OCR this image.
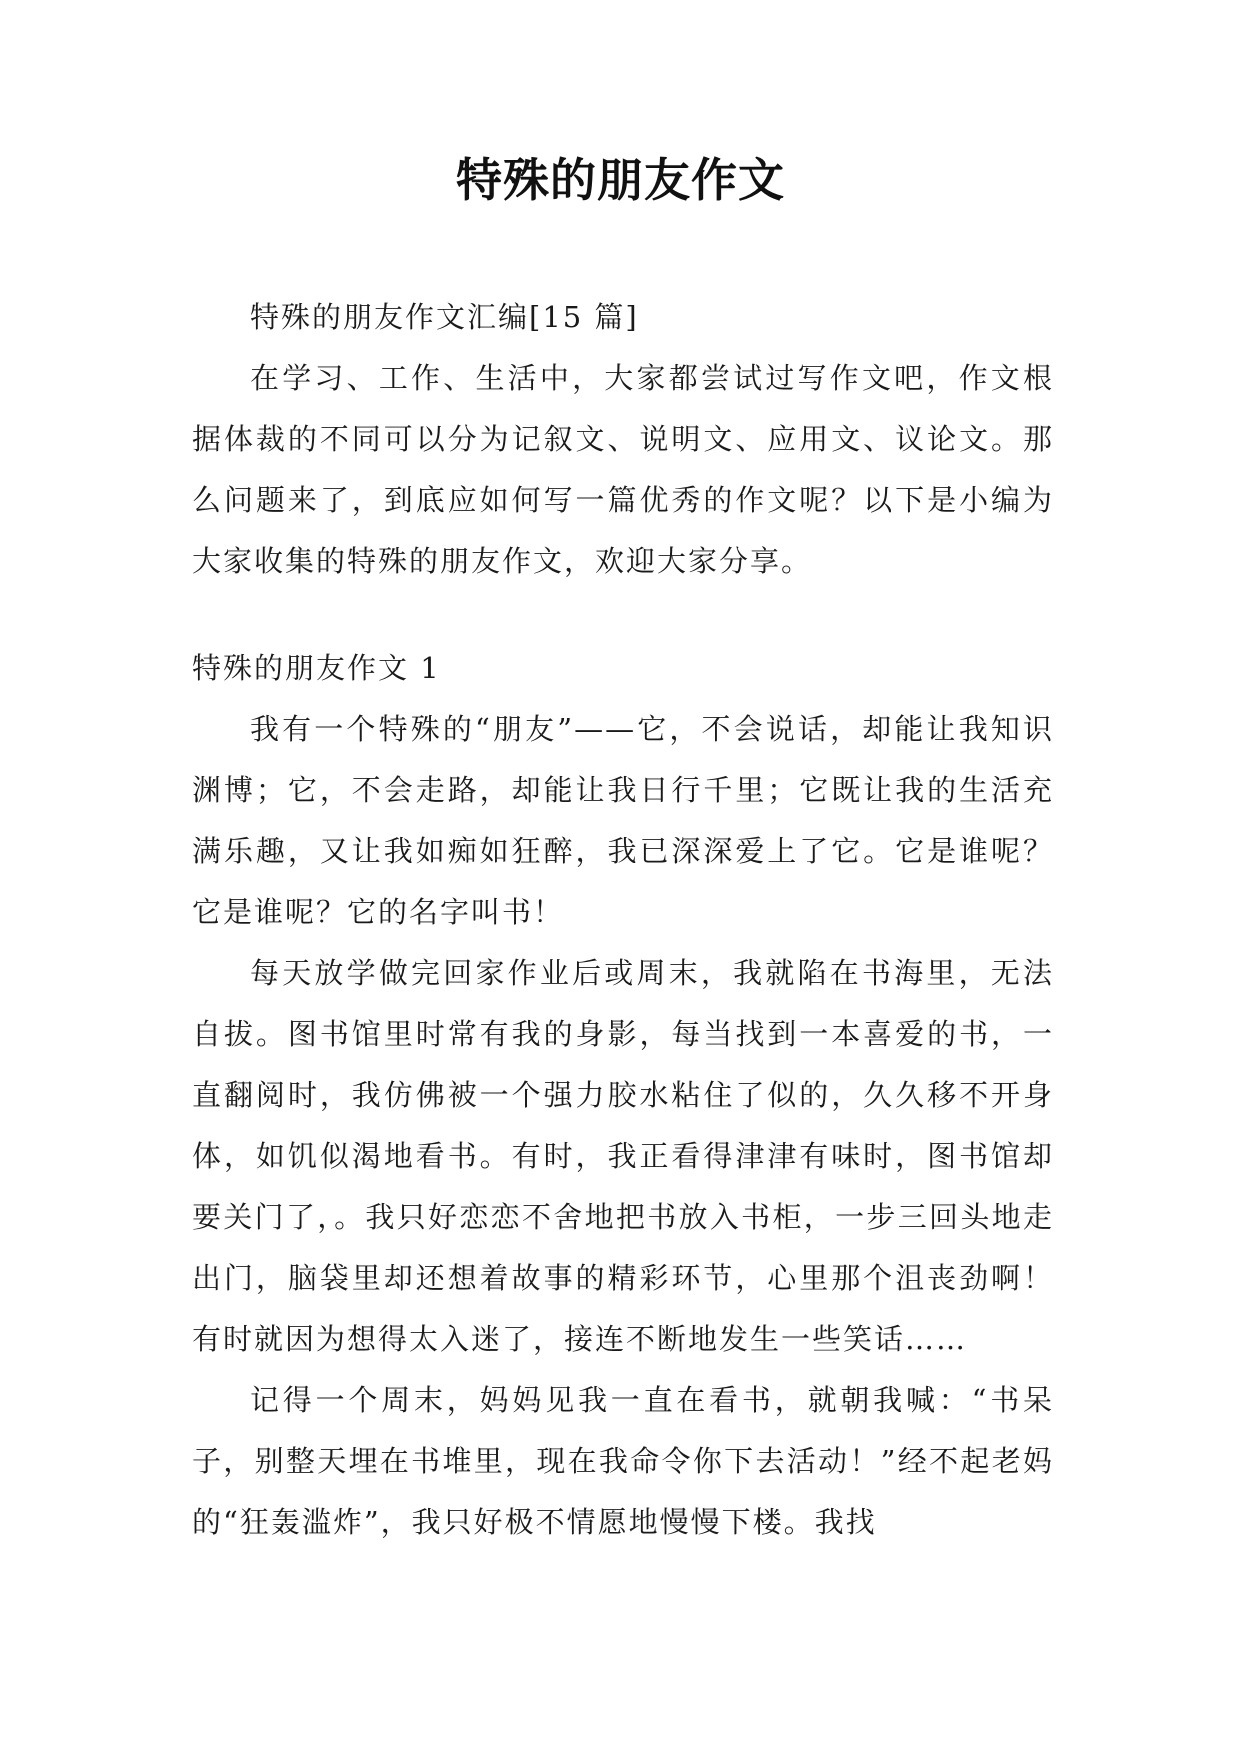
特殊的朋友作文

特殊的朋友作文汇编[15 篇]

在学习、工作、生活中，大家都尝试过写作文吧，作文根据体裁的不同可以分为记叙文、说明文、应用文、议论文。那么问题来了，到底应如何写一篇优秀的作文呢？以下是小编为大家收集的特殊的朋友作文，欢迎大家分享。

特殊的朋友作文 1

我有一个特殊的“朋友”——它，不会说话，却能让我知识渊博；它，不会走路，却能让我日行千里；它既让我的生活充满乐趣，又让我如痴如狂醉，我已深深爱上了它。它是谁呢？它是谁呢？它的名字叫书！

每天放学做完回家作业后或周末，我就陷在书海里，无法自拔。图书馆里时常有我的身影，每当找到一本喜爱的书，一直翻阅时，我仿佛被一个强力胶水粘住了似的，久久移不开身体，如饥似渴地看书。有时，我正看得津津有味时，图书馆却要关门了，。我只好恋恋不舍地把书放入书柜，一步三回头地走出门，脑袋里却还想着故事的精彩环节，心里那个沮丧劲啊！有时就因为想得太入迷了，接连不断地发生一些笑话……

记得一个周末，妈妈见我一直在看书，就朝我喊：“书呆子，别整天埋在书堆里，现在我命令你下去活动！”经不起老妈的“狂轰滥炸”，我只好极不情愿地慢慢下楼。我找
